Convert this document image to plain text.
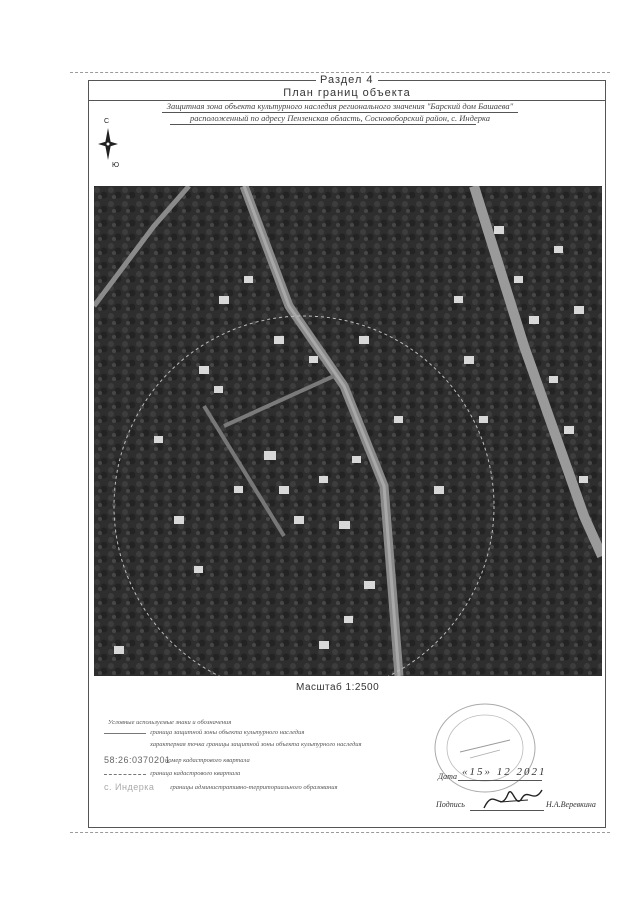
Раздел 4
План границ объекта
Защитная зона объекта культурного наследия регионального значения "Барский дом Башаева"
расположенный по адресу Пензенская область, Сосновоборский район, с. Индерка
С
Ю
Масштаб 1:2500
Условные используемые знаки и обозначения
граница защитной зоны объекта культурного наследия
характерная точка границы защитной зоны объекта культурного наследия
58:26:0370201
номер кадастрового квартала
граница кадастрового квартала
с. Индерка границы административно-территориального образования
Дата «15» 12 2021
Подпись	Н.А.Веревкина
